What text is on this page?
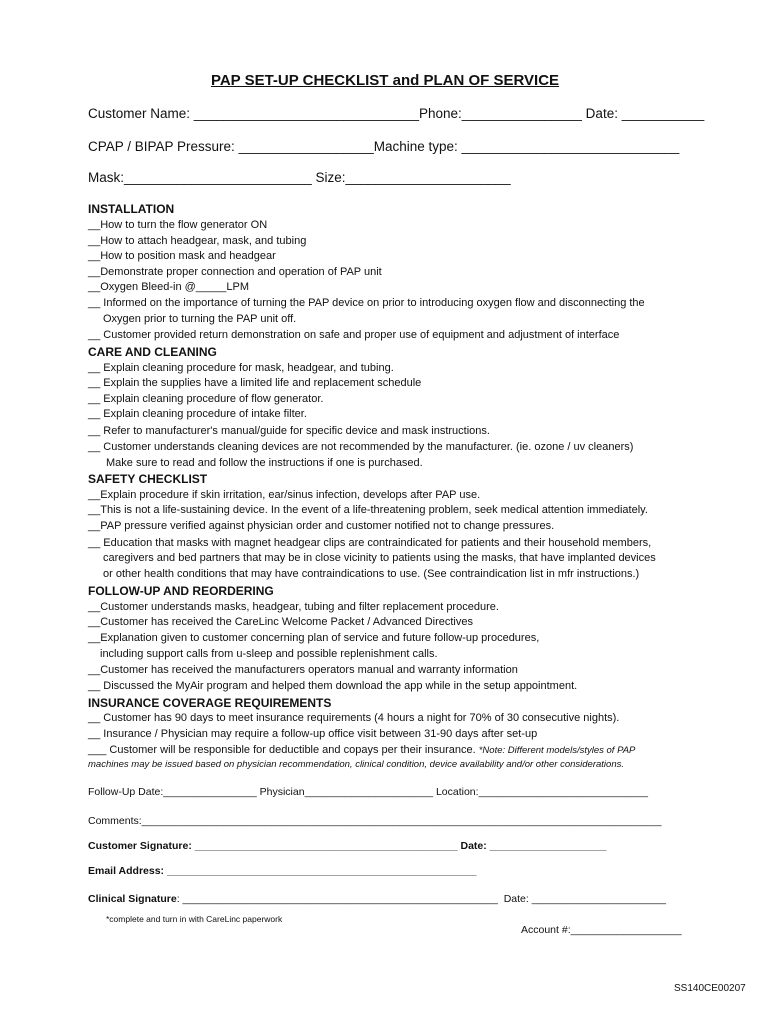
PAP SET-UP CHECKLIST and PLAN OF SERVICE
Customer Name: ______________________________Phone:________________ Date: ___________
CPAP / BIPAP Pressure: __________________Machine type: _____________________________
Mask:_________________________ Size:______________________
INSTALLATION
__How to turn the flow generator ON
__How to attach headgear, mask, and tubing
__How to position mask and headgear
__Demonstrate proper connection and operation of PAP unit
__Oxygen Bleed-in @_____LPM
__ Informed on the importance of turning the PAP device on prior to introducing oxygen flow and disconnecting the
Oxygen prior to turning the PAP unit off.
__ Customer provided return demonstration on safe and proper use of equipment and adjustment of interface
CARE AND CLEANING
__ Explain cleaning procedure for mask, headgear, and tubing.
__ Explain the supplies have a limited life and replacement schedule
__ Explain cleaning procedure of flow generator.
__ Explain cleaning procedure of intake filter.
__ Refer to manufacturer's manual/guide for specific device and mask instructions.
__ Customer understands cleaning devices are not recommended by the manufacturer. (ie. ozone / uv cleaners)
Make sure to read and follow the instructions if one is purchased.
SAFETY CHECKLIST
__Explain procedure if skin irritation, ear/sinus infection, develops after PAP use.
__This is not a life-sustaining device. In the event of a life-threatening problem, seek medical attention immediately.
__PAP pressure verified against physician order and customer notified not to change pressures.
__ Education that masks with magnet headgear clips are contraindicated for patients and their household members,
caregivers and bed partners that may be in close vicinity to patients using the masks, that have implanted devices
or other health conditions that may have contraindications to use. (See contraindication list in mfr instructions.)
FOLLOW-UP AND REORDERING
__Customer understands masks, headgear, tubing and filter replacement procedure.
__Customer has received the CareLinc Welcome Packet / Advanced Directives
__Explanation given to customer concerning plan of service and future follow-up procedures,
including support calls from u-sleep and possible replenishment calls.
__Customer has received the manufacturers operators manual and warranty information
__ Discussed the MyAir program and helped them download the app while in the setup appointment.
INSURANCE COVERAGE REQUIREMENTS
__ Customer has 90 days to meet insurance requirements (4 hours a night for 70% of 30 consecutive nights).
__ Insurance / Physician may require a follow-up office visit between 31-90 days after set-up
___ Customer will be responsible for deductible and copays per their insurance. *Note: Different models/styles of PAP
machines may be issued based on physician recommendation, clinical condition, device availability and/or other considerations.
Follow-Up Date:________________ Physician______________________ Location:_____________________________
Comments:_________________________________________________________________________________________
Customer Signature: _____________________________________________ Date: ____________________
Email Address: _____________________________________________________
Clinical Signature: ______________________________________________________  Date: _______________________
*complete and turn in with CareLinc paperwork
Account #:___________________
SS140CE00207
